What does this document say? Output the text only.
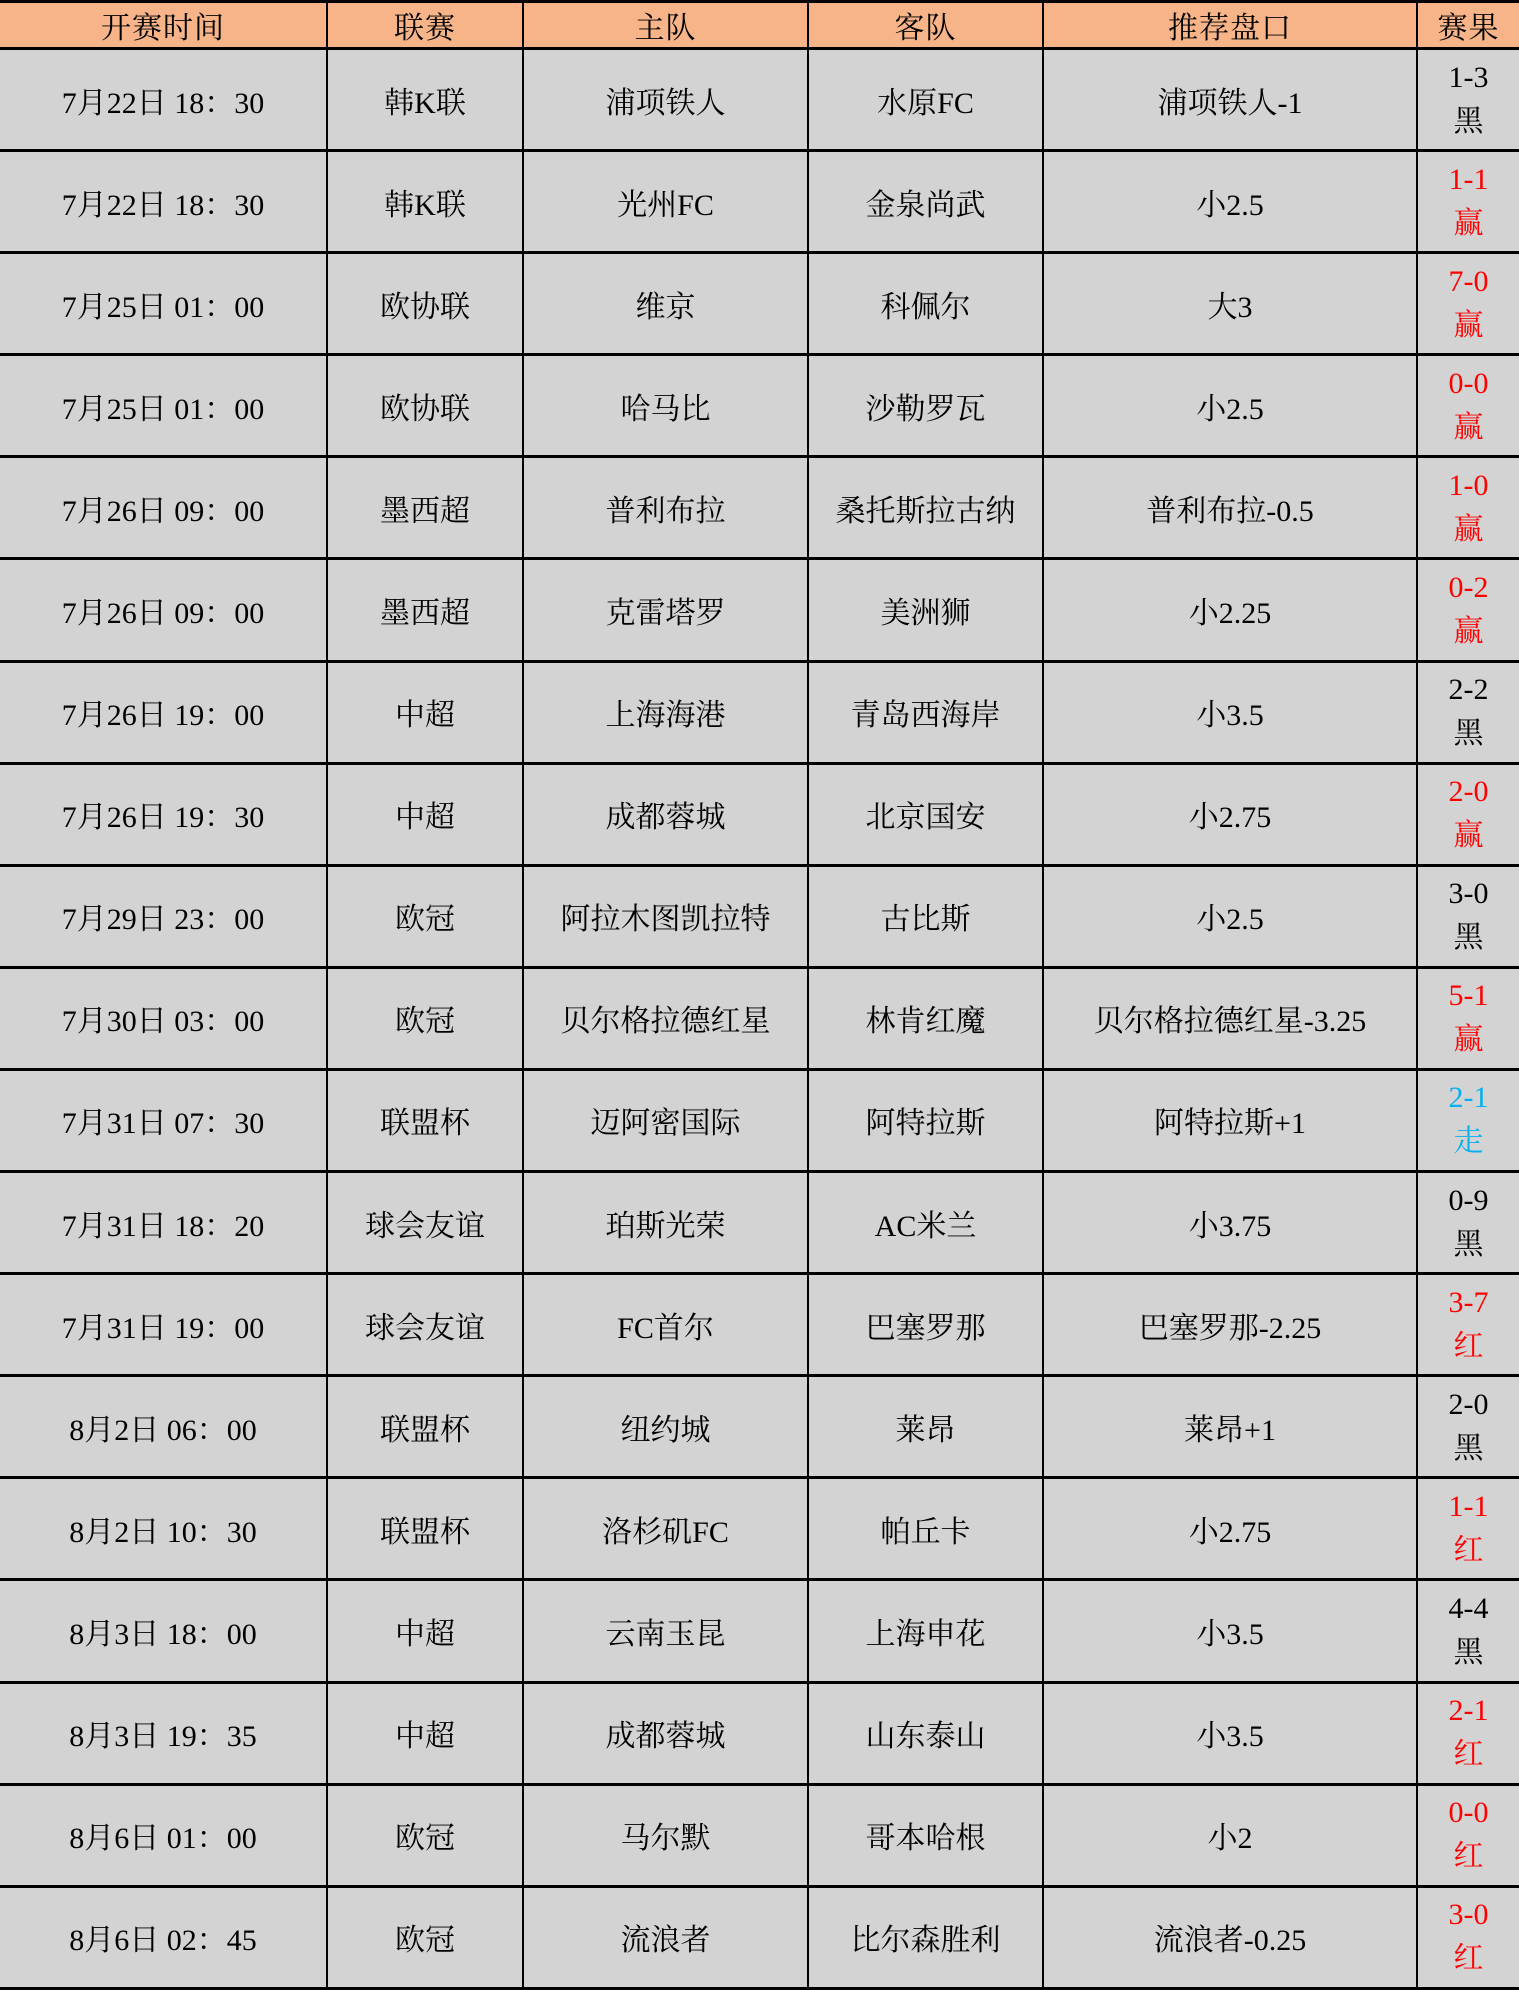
开赛时间	联赛	主队	客队	推荐盘口	赛果
7月22日 18：30	韩K联	浦项铁人	水原FC	浦项铁人-1	1-3
黑

7月22日 18：30	韩K联	光州FC	金泉尚武	小2.5	1-1
赢

7月25日 01：00	欧协联	维京	科佩尔	大3	7-0
赢

7月25日 01：00	欧协联	哈马比	沙勒罗瓦	小2.5	0-0
赢

7月26日 09：00	墨西超	普利布拉	桑托斯拉古纳	普利布拉-0.5	1-0
赢

7月26日 09：00	墨西超	克雷塔罗	美洲狮	小2.25	0-2
赢

7月26日 19：00	中超	上海海港	青岛西海岸	小3.5	2-2
黑

7月26日 19：30	中超	成都蓉城	北京国安	小2.75	2-0
赢

7月29日 23：00	欧冠	阿拉木图凯拉特	古比斯	小2.5	3-0
黑

7月30日 03：00	欧冠	贝尔格拉德红星	林肯红魔	贝尔格拉德红星-3.25	5-1
赢

7月31日 07：30	联盟杯	迈阿密国际	阿特拉斯	阿特拉斯+1	2-1
走

7月31日 18：20	球会友谊	珀斯光荣	AC米兰	小3.75	0-9
黑

7月31日 19：00	球会友谊	FC首尔	巴塞罗那	巴塞罗那-2.25	3-7
红

8月2日 06：00	联盟杯	纽约城	莱昂	莱昂+1	2-0
黑

8月2日 10：30	联盟杯	洛杉矶FC	帕丘卡	小2.75	1-1
红

8月3日 18：00	中超	云南玉昆	上海申花	小3.5	4-4
黑

8月3日 19：35	中超	成都蓉城	山东泰山	小3.5	2-1
红

8月6日 01：00	欧冠	马尔默	哥本哈根	小2	0-0
红

8月6日 02：45	欧冠	流浪者	比尔森胜利	流浪者-0.25	3-0
红
